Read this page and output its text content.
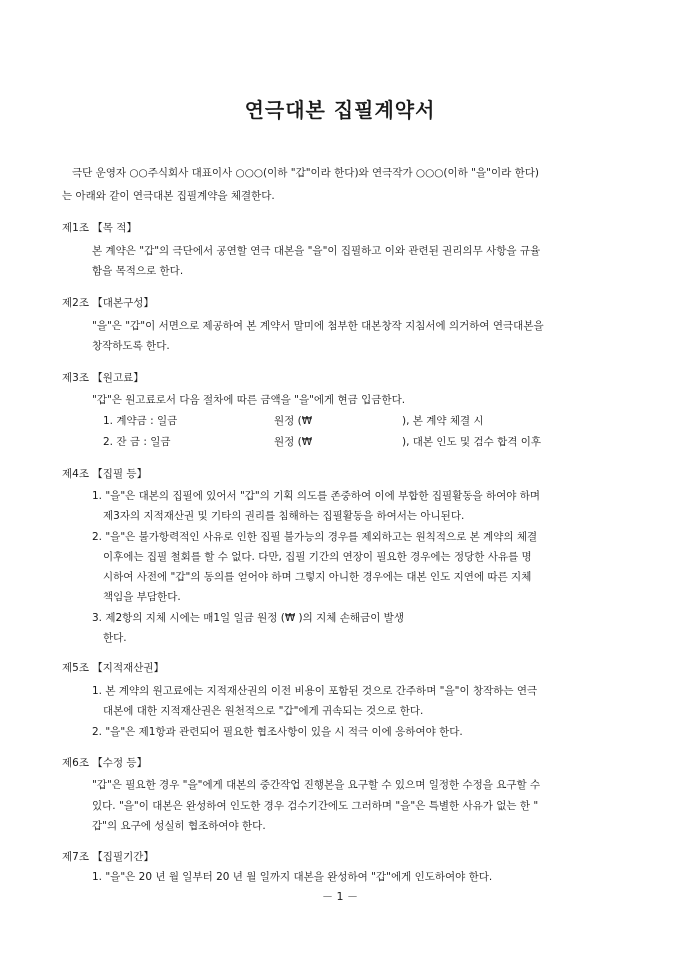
연극대본 집필계약서
극단 운영자 ○○주식회사 대표이사 ○○○(이하 "갑"이라 한다)와 연극작가 ○○○(이하 "을"이라 한다)
는 아래와 같이 연극대본 집필계약을 체결한다.
제1조 【목 적】
본 계약은 "갑"의 극단에서 공연할 연극 대본을 "을"이 집필하고 이와 관련된 권리의무 사항을 규율
함을 목적으로 한다.
제2조 【대본구성】
"을"은 "갑"이 서면으로 제공하여 본 계약서 말미에 첨부한 대본창작 지침서에 의거하여 연극대본을
창작하도록 한다.
제3조 【원고료】
"갑"은 원고료로서 다음 절차에 따른 금액을 "을"에게 현금 입금한다.
1. 계약금 : 일금	원정 (₩	), 본 계약 체결 시
2. 잔 금 : 일금	원정 (₩	), 대본 인도 및 검수 합격 이후
제4조 【집필 등】
1. "을"은 대본의 집필에 있어서 "갑"의 기획 의도를 존중하여 이에 부합한 집필활동을 하여야 하며
제3자의 지적재산권 및 기타의 권리를 침해하는 집필활동을 하여서는 아니된다.
2. "을"은 불가항력적인 사유로 인한 집필 불가능의 경우를 제외하고는 원칙적으로 본 계약의 체결
이후에는 집필 철회를 할 수 없다. 다만, 집필 기간의 연장이 필요한 경우에는 정당한 사유를 명
시하여 사전에 "갑"의 동의를 얻어야 하며 그렇지 아니한 경우에는 대본 인도 지연에 따른 지체
책임을 부담한다.
3. 제2항의 지체 시에는 매1일 일금 원정 (₩ )의 지체 손해금이 발생
한다.
제5조 【지적재산권】
1. 본 계약의 원고료에는 지적재산권의 이전 비용이 포함된 것으로 간주하며 "을"이 창작하는 연극
대본에 대한 지적재산권은 원천적으로 "갑"에게 귀속되는 것으로 한다.
2. "을"은 제1항과 관련되어 필요한 협조사항이 있을 시 적극 이에 응하여야 한다.
제6조 【수정 등】
"갑"은 필요한 경우 "을"에게 대본의 중간작업 진행본을 요구할 수 있으며 일정한 수정을 요구할 수
있다. "을"이 대본은 완성하여 인도한 경우 검수기간에도 그러하며 "을"은 특별한 사유가 없는 한 "
갑"의 요구에 성실히 협조하여야 한다.
제7조 【집필기간】
－ 1 －
1. "을"은 20 년 월 일부터 20 년 월 일까지 대본을 완성하여 "갑"에게 인도하여야 한다.
